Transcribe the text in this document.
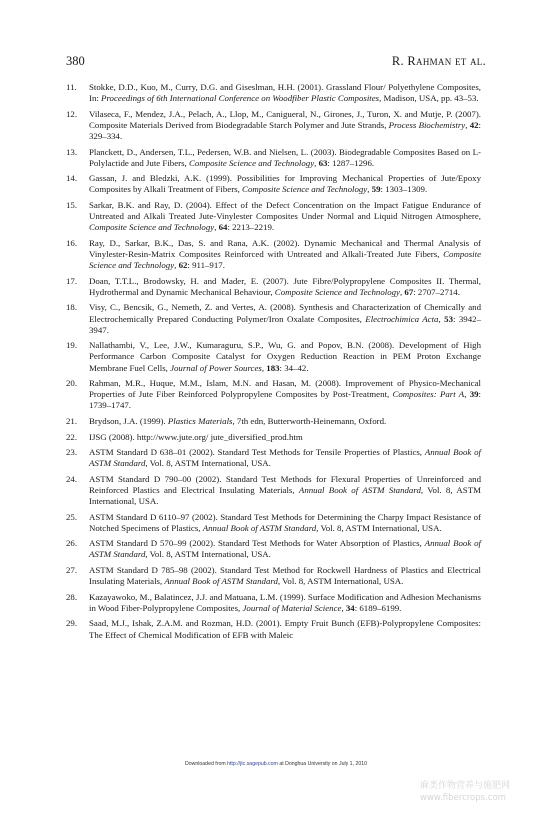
380	R. Rahman et al.
11. Stokke, D.D., Kuo, M., Curry, D.G. and Giseslman, H.H. (2001). Grassland Flour/ Polyethylene Composites, In: Proceedings of 6th International Conference on Woodfiber Plastic Composites, Madison, USA, pp. 43–53.
12. Vilaseca, F., Mendez, J.A., Pelach, A., Llop, M., Canigueral, N., Girones, J., Turon, X. and Mutje, P. (2007). Composite Materials Derived from Biodegradable Starch Polymer and Jute Strands, Process Biochemistry, 42: 329–334.
13. Planckett, D., Andersen, T.L., Pedersen, W.B. and Nielsen, L. (2003). Biodegradable Composites Based on L-Polylactide and Jute Fibers, Composite Science and Technology, 63: 1287–1296.
14. Gassan, J. and Bledzki, A.K. (1999). Possibilities for Improving Mechanical Properties of Jute/Epoxy Composites by Alkali Treatment of Fibers, Composite Science and Technology, 59: 1303–1309.
15. Sarkar, B.K. and Ray, D. (2004). Effect of the Defect Concentration on the Impact Fatigue Endurance of Untreated and Alkali Treated Jute-Vinylester Composites Under Normal and Liquid Nitrogen Atmosphere, Composite Science and Technology, 64: 2213–2219.
16. Ray, D., Sarkar, B.K., Das, S. and Rana, A.K. (2002). Dynamic Mechanical and Thermal Analysis of Vinylester-Resin-Matrix Composites Reinforced with Untreated and Alkali-Treated Jute Fibers, Composite Science and Technology, 62: 911–917.
17. Doan, T.T.L., Brodowsky, H. and Mader, E. (2007). Jute Fibre/Polypropylene Composites II. Thermal, Hydrothermal and Dynamic Mechanical Behaviour, Composite Science and Technology, 67: 2707–2714.
18. Visy, C., Bencsik, G., Nemeth, Z. and Vertes, A. (2008). Synthesis and Characterization of Chemically and Electrochemically Prepared Conducting Polymer/Iron Oxalate Composites, Electrochimica Acta, 53: 3942–3947.
19. Nallathambi, V., Lee, J.W., Kumaraguru, S.P., Wu, G. and Popov, B.N. (2008). Development of High Performance Carbon Composite Catalyst for Oxygen Reduction Reaction in PEM Proton Exchange Membrane Fuel Cells, Journal of Power Sources, 183: 34–42.
20. Rahman, M.R., Huque, M.M., Islam, M.N. and Hasan, M. (2008). Improvement of Physico-Mechanical Properties of Jute Fiber Reinforced Polypropylene Composites by Post-Treatment, Composites: Part A, 39: 1739–1747.
21. Brydson, J.A. (1999). Plastics Materials, 7th edn, Butterworth-Heinemann, Oxford.
22. IJSG (2008). http://www.jute.org/ jute_diversified_prod.htm
23. ASTM Standard D 638–01 (2002). Standard Test Methods for Tensile Properties of Plastics, Annual Book of ASTM Standard, Vol. 8, ASTM International, USA.
24. ASTM Standard D 790–00 (2002). Standard Test Methods for Flexural Properties of Unreinforced and Reinforced Plastics and Electrical Insulating Materials, Annual Book of ASTM Standard, Vol. 8, ASTM International, USA.
25. ASTM Standard D 6110–97 (2002). Standard Test Methods for Determining the Charpy Impact Resistance of Notched Specimens of Plastics, Annual Book of ASTM Standard, Vol. 8, ASTM International, USA.
26. ASTM Standard D 570–99 (2002). Standard Test Methods for Water Absorption of Plastics, Annual Book of ASTM Standard, Vol. 8, ASTM International, USA.
27. ASTM Standard D 785–98 (2002). Standard Test Method for Rockwell Hardness of Plastics and Electrical Insulating Materials, Annual Book of ASTM Standard, Vol. 8, ASTM International, USA.
28. Kazayawoko, M., Balatincez, J.J. and Matuana, L.M. (1999). Surface Modification and Adhesion Mechanisms in Wood Fiber-Polypropylene Composites, Journal of Material Science, 34: 6189–6199.
29. Saad, M.J., Ishak, Z.A.M. and Rozman, H.D. (2001). Empty Fruit Bunch (EFB)-Polypropylene Composites: The Effect of Chemical Modification of EFB with Maleic
Downloaded from http://jtc.sagepub.com at Donghua University on July 1, 2010
麻类作物营养与施肥网
www.fibercrops.com
